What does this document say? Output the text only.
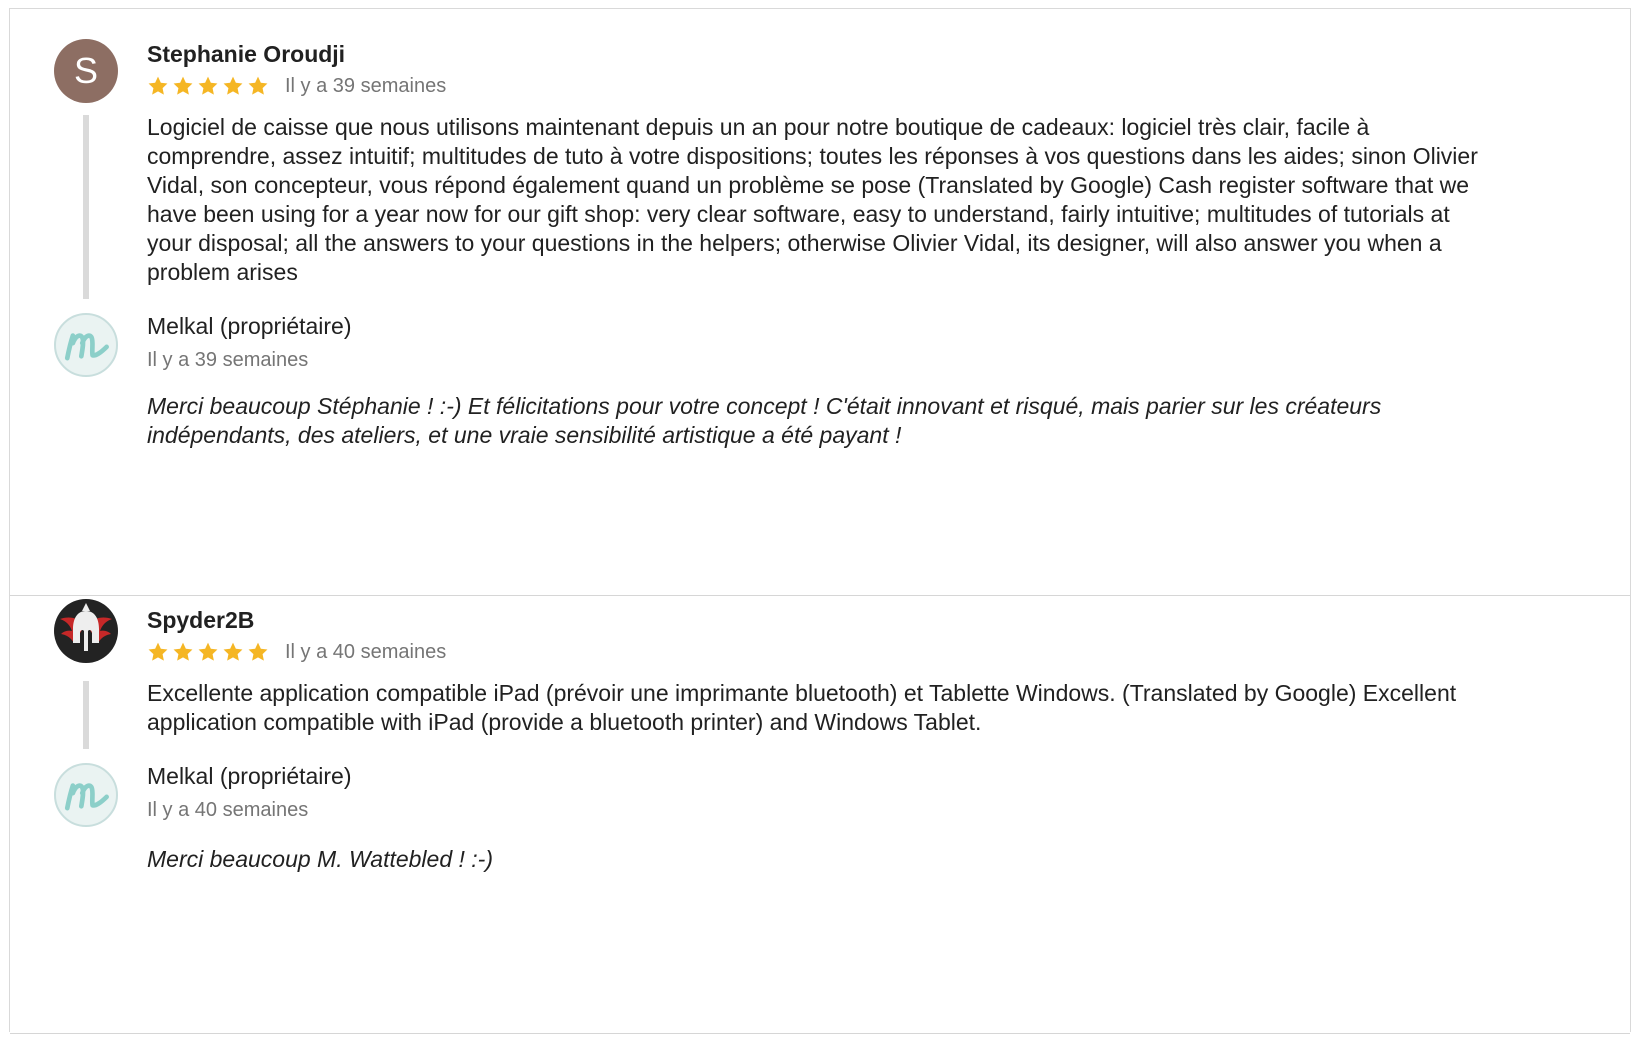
S	Stephanie Oroudji
Il y a 39 semaines
Logiciel de caisse que nous utilisons maintenant depuis un an pour notre boutique de cadeaux: logiciel très clair, facile à comprendre, assez intuitif; multitudes de tuto à votre dispositions; toutes les réponses à vos questions dans les aides; sinon Olivier Vidal, son concepteur, vous répond également quand un problème se pose (Translated by Google) Cash register software that we have been using for a year now for our gift shop: very clear software, easy to understand, fairly intuitive; multitudes of tutorials at your disposal; all the answers to your questions in the helpers; otherwise Olivier Vidal, its designer, will also answer you when a problem arises
Melkal (propriétaire)
Il y a 39 semaines
Merci beaucoup Stéphanie ! :-) Et félicitations pour votre concept ! C'était innovant et risqué, mais parier sur les créateurs indépendants, des ateliers, et une vraie sensibilité artistique a été payant !
Spyder2B
Il y a 40 semaines
Excellente application compatible iPad (prévoir une imprimante bluetooth) et Tablette Windows. (Translated by Google) Excellent application compatible with iPad (provide a bluetooth printer) and Windows Tablet.
Melkal (propriétaire)
Il y a 40 semaines
Merci beaucoup M. Wattebled ! :-)
